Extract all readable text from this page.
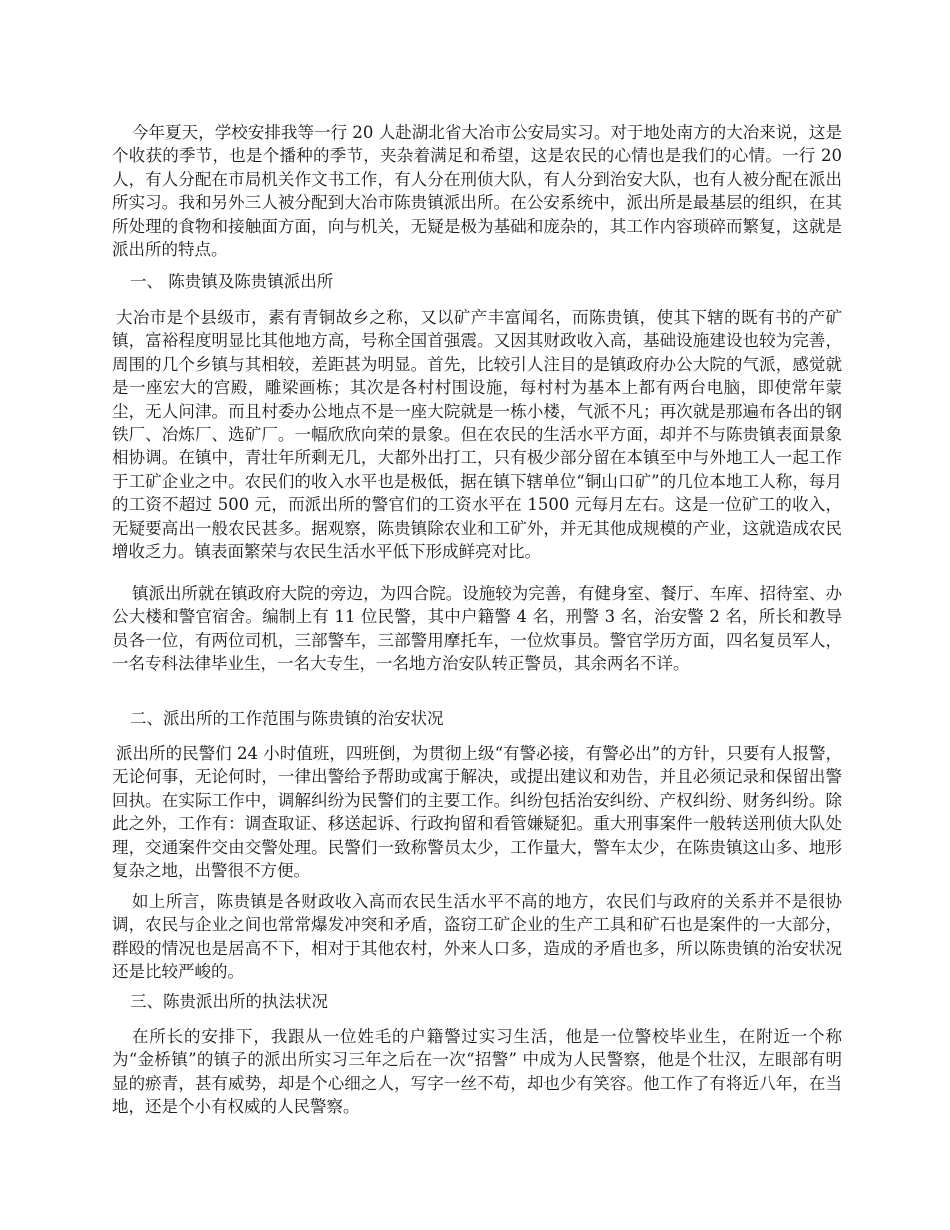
今年夏天，学校安排我等一行 20 人赴湖北省大冶市公安局实习。对于地处南方的大冶来说，这是个收获的季节，也是个播种的季节，夹杂着满足和希望，这是农民的心情也是我们的心情。一行 20 人，有人分配在市局机关作文书工作，有人分在刑侦大队，有人分到治安大队，也有人被分配在派出所实习。我和另外三人被分配到大冶市陈贵镇派出所。在公安系统中，派出所是最基层的组织，在其所处理的食物和接触面方面，向与机关，无疑是极为基础和庞杂的，其工作内容琐碎而繁复，这就是派出所的特点。

一、 陈贵镇及陈贵镇派出所

大冶市是个县级市，素有青铜故乡之称，又以矿产丰富闻名，而陈贵镇，使其下辖的既有书的产矿镇，富裕程度明显比其他地方高，号称全国首强震。又因其财政收入高，基础设施建设也较为完善，周围的几个乡镇与其相较，差距甚为明显。首先，比较引人注目的是镇政府办公大院的气派，感觉就是一座宏大的宫殿，雕梁画栋；其次是各村村围设施，每村村为基本上都有两台电脑，即使常年蒙尘，无人问津。而且村委办公地点不是一座大院就是一栋小楼，气派不凡；再次就是那遍布各出的钢铁厂、冶炼厂、选矿厂。一幅欣欣向荣的景象。但在农民的生活水平方面，却并不与陈贵镇表面景象相协调。在镇中，青壮年所剩无几，大都外出打工，只有极少部分留在本镇至中与外地工人一起工作于工矿企业之中。农民们的收入水平也是极低，据在镇下辖单位“铜山口矿”的几位本地工人称，每月的工资不超过 500 元，而派出所的警官们的工资水平在 1500 元每月左右。这是一位矿工的收入，无疑要高出一般农民甚多。据观察，陈贵镇除农业和工矿外，并无其他成规模的产业，这就造成农民增收乏力。镇表面繁荣与农民生活水平低下形成鲜亮对比。

镇派出所就在镇政府大院的旁边，为四合院。设施较为完善，有健身室、餐厅、车库、招待室、办公大楼和警官宿舍。编制上有 11 位民警，其中户籍警 4 名，刑警 3 名，治安警 2 名，所长和教导员各一位，有两位司机，三部警车，三部警用摩托车，一位炊事员。警官学历方面，四名复员军人，一名专科法律毕业生，一名大专生，一名地方治安队转正警员，其余两名不详。

二、派出所的工作范围与陈贵镇的治安状况

派出所的民警们 24 小时值班，四班倒，为贯彻上级“有警必接，有警必出”的方针，只要有人报警，无论何事，无论何时，一律出警给予帮助或寓于解决，或提出建议和劝告，并且必须记录和保留出警回执。在实际工作中，调解纠纷为民警们的主要工作。纠纷包括治安纠纷、产权纠纷、财务纠纷。除此之外，工作有：调查取证、移送起诉、行政拘留和看管嫌疑犯。重大刑事案件一般转送刑侦大队处理，交通案件交由交警处理。民警们一致称警员太少，工作量大，警车太少，在陈贵镇这山多、地形复杂之地，出警很不方便。

如上所言，陈贵镇是各财政收入高而农民生活水平不高的地方，农民们与政府的关系并不是很协调，农民与企业之间也常常爆发冲突和矛盾，盗窃工矿企业的生产工具和矿石也是案件的一大部分，群殴的情况也是居高不下，相对于其他农村，外来人口多，造成的矛盾也多，所以陈贵镇的治安状况还是比较严峻的。

三、陈贵派出所的执法状况

在所长的安排下，我跟从一位姓毛的户籍警过实习生活，他是一位警校毕业生，在附近一个称为“金桥镇”的镇子的派出所实习三年之后在一次“招警” 中成为人民警察，他是个壮汉，左眼部有明显的瘀青，甚有威势，却是个心细之人，写字一丝不苟，却也少有笑容。他工作了有将近八年，在当地，还是个小有权威的人民警察。
